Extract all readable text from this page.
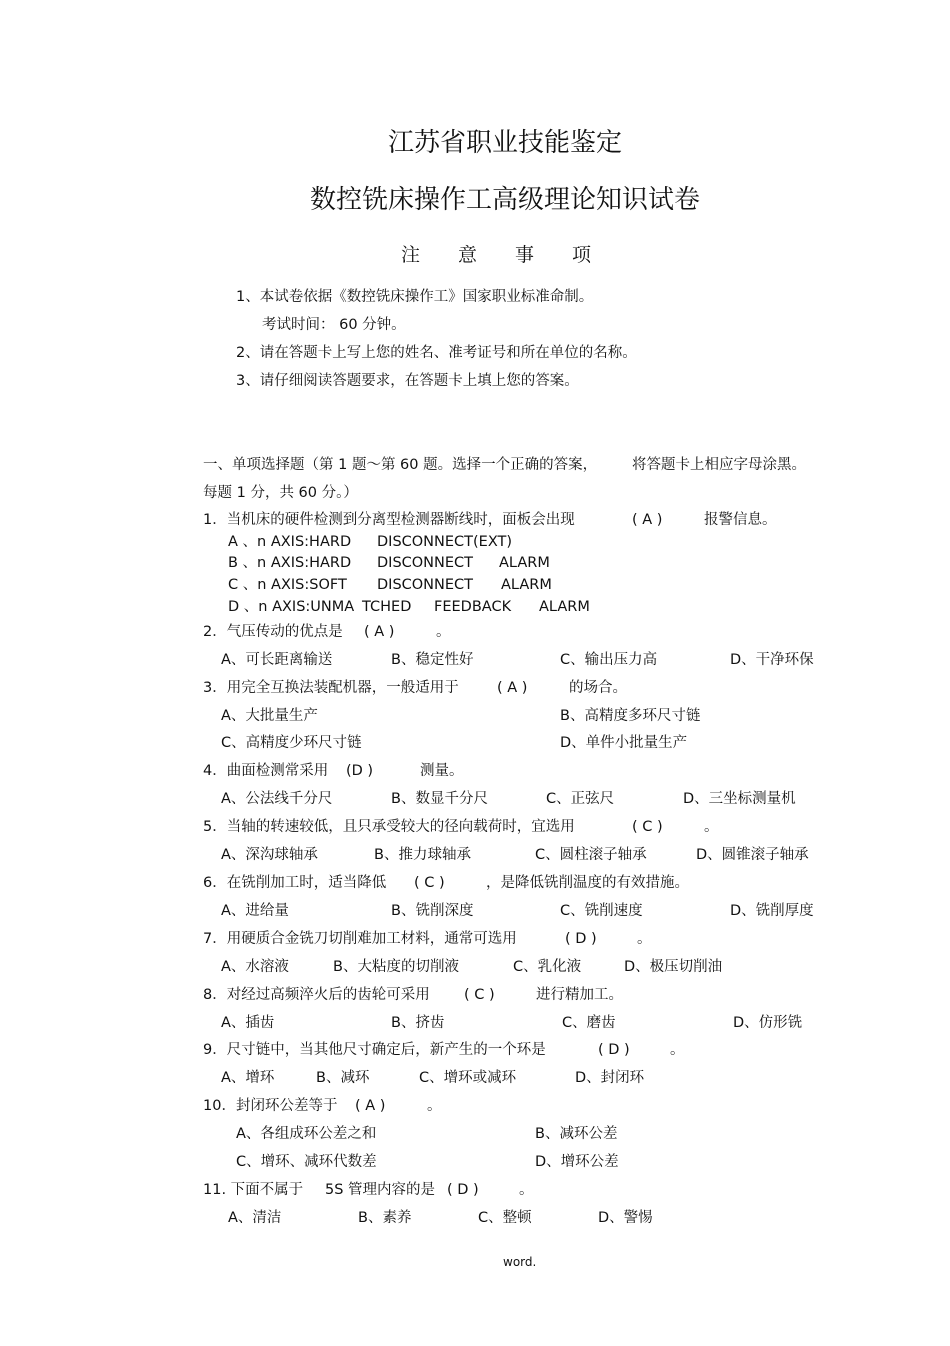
江苏省职业技能鉴定
数控铣床操作工高级理论知识试卷
注意事项
1、本试卷依据《数控铣床操作工》国家职业标准命制。
考试时间： 60 分钟。
2、请在答题卡上写上您的姓名、准考证号和所在单位的名称。
3、请仔细阅读答题要求，在答题卡上填上您的答案。
一、单项选择题（第 1 题～第 60 题。选择一个正确的答案， 将答题卡上相应字母涂黑。
每题 1 分，共 60 分。）
1．当机床的硬件检测到分离型检测器断线时，面板会出现	( A )	报警信息。
A 、n AXIS:HARD DISCONNECT(EXT)
B 、n AXIS:HARD DISCONNECT ALARM
C 、n AXIS:SOFT DISCONNECT ALARM
D 、n AXIS:UNMA TCHED FEEDBACK ALARM
2．气压传动的优点是 ( A )	。
A、可长距离输送	B、稳定性好	C、输出压力高	D、干净环保
3．用完全互换法装配机器，一般适用于	( A )	的场合。
A、大批量生产	B、高精度多环尺寸链
C、高精度少环尺寸链	D、单件小批量生产
4．曲面检测常采用 (D )	测量。
A、公法线千分尺	B、数显千分尺	C、正弦尺	D、三坐标测量机
5．当轴的转速较低，且只承受较大的径向载荷时，宜选用	( C )	。
A、深沟球轴承	B、推力球轴承	C、圆柱滚子轴承	D、圆锥滚子轴承
6．在铣削加工时，适当降低 ( C )	，是降低铣削温度的有效措施。
A、进给量	B、铣削深度	C、铣削速度	D、铣削厚度
7．用硬质合金铣刀切削难加工材料，通常可选用	( D )	。
A、水溶液	B、大粘度的切削液	C、乳化液	D、极压切削油
8．对经过高频淬火后的齿轮可采用 ( C )	进行精加工。
A、插齿	B、挤齿	C、磨齿	D、仿形铣
9．尺寸链中，当其他尺寸确定后，新产生的一个环是	( D )	。
A、增环	B、减环	C、增环或减环	D、封闭环
10．封闭环公差等于 ( A )	。
A、各组成环公差之和	B、减环公差
C、增环、减环代数差	D、增环公差
11. 下面不属于 5S 管理内容的是 ( D )	。
A、清洁	B、素养	C、整顿	D、警惕
word.
